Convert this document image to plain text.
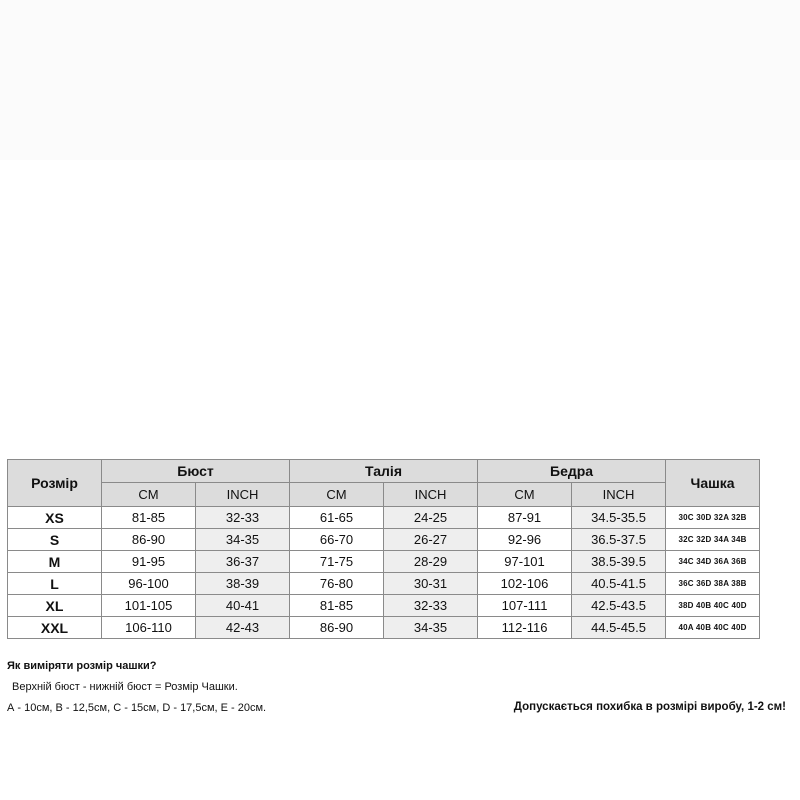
Розмір	Бюст		Талія		Бедра		Чашка
	CM	INCH	CM	INCH	CM	INCH	
XS	81-85	32-33	61-65	24-25	87-91	34.5-35.5	30C 30D 32A 32B
S	86-90	34-35	66-70	26-27	92-96	36.5-37.5	32C 32D 34A 34B
M	91-95	36-37	71-75	28-29	97-101	38.5-39.5	34C 34D 36A 36B
L	96-100	38-39	76-80	30-31	102-106	40.5-41.5	36C 36D 38A 38B
XL	101-105	40-41	81-85	32-33	107-111	42.5-43.5	38D 40B 40C 40D
XXL	106-110	42-43	86-90	34-35	112-116	44.5-45.5	40A 40B 40C 40D
Як виміряти розмір чашки?
Верхній бюст - нижній бюст = Розмір Чашки.
А - 10см, В - 12,5см, С - 15см, D - 17,5см, Е - 20см.	Допускається похибка в розмірі виробу, 1-2 см!
